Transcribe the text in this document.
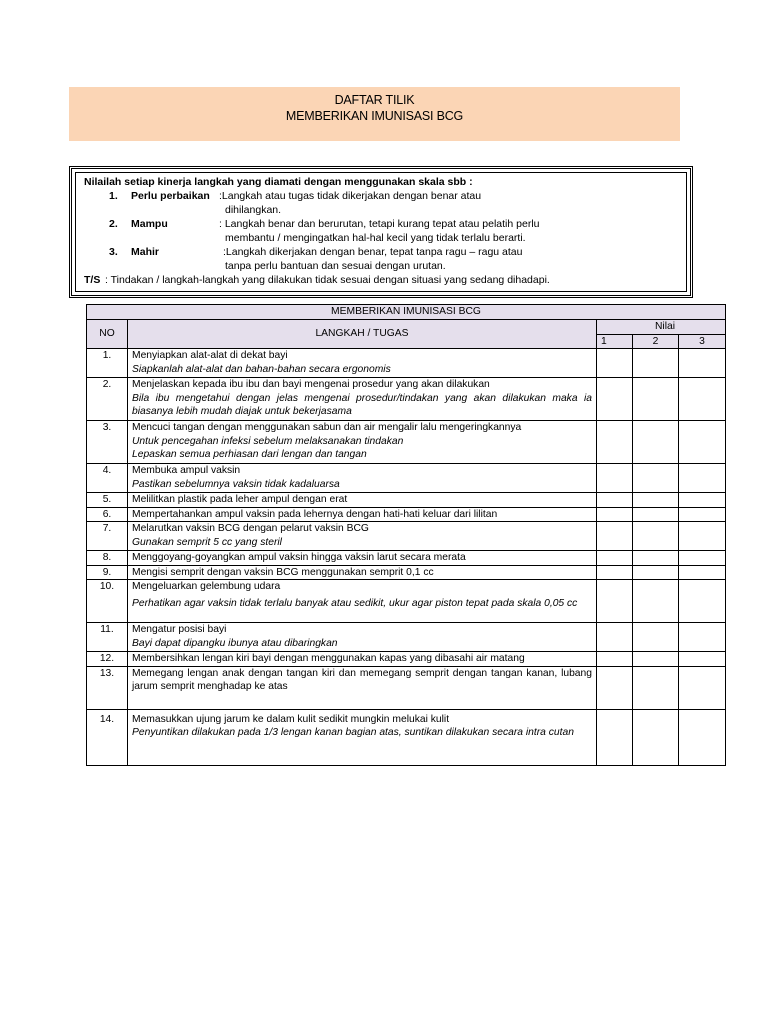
DAFTAR TILIK
MEMBERIKAN IMUNISASI BCG
Nilailah setiap kinerja langkah yang diamati dengan menggunakan skala sbb :
1. Perlu perbaikan :Langkah atau tugas tidak dikerjakan dengan benar atau
dihilangkan.
2. Mampu	: Langkah benar dan berurutan, tetapi kurang tepat atau pelatih perlu
membantu / mengingatkan hal-hal kecil yang tidak terlalu berarti.
3. Mahir	:Langkah dikerjakan dengan benar, tepat tanpa ragu – ragu atau
tanpa perlu bantuan dan sesuai dengan urutan.
T/S : Tindakan / langkah-langkah yang dilakukan tidak sesuai dengan situasi yang sedang dihadapi.
MEMBERIKAN IMUNISASI BCG				
NO	LANGKAH / TUGAS	Nilai		
		1	2	3
1.	Menyiapkan alat-alat di dekat bayi
Siapkanlah alat-alat dan bahan-bahan secara ergonomis			

2.	Menjelaskan kepada ibu ibu dan bayi mengenai prosedur yang akan dilakukan
Bila ibu mengetahui dengan jelas mengenai prosedur/tindakan yang akan dilakukan maka ia biasanya lebih mudah diajak untuk bekerjasama			

3.	Mencuci tangan dengan menggunakan sabun dan air mengalir lalu mengeringkannya
Untuk pencegahan infeksi sebelum melaksanakan tindakan
Lepaskan semua perhiasan dari lengan dan tangan			

4.	Membuka ampul vaksin
Pastikan sebelumnya vaksin tidak kadaluarsa			

5.	Melilitkan plastik pada leher ampul dengan erat			

6.	Mempertahankan ampul vaksin pada lehernya dengan hati-hati keluar dari lilitan			

7.	Melarutkan vaksin BCG dengan pelarut vaksin BCG
Gunakan semprit 5 cc yang steril			

8.	Menggoyang-goyangkan ampul vaksin hingga vaksin larut secara merata			

9.	Mengisi semprit dengan vaksin BCG menggunakan semprit 0,1 cc			

10.	Mengeluarkan gelembung udara
Perhatikan agar vaksin tidak terlalu banyak atau sedikit, ukur agar piston tepat pada skala 0,05 cc			

11.	Mengatur posisi bayi
Bayi dapat dipangku ibunya atau dibaringkan			

12.	Membersihkan lengan kiri bayi dengan menggunakan kapas yang dibasahi air matang			

13.	Memegang lengan anak dengan tangan kiri dan memegang semprit dengan tangan kanan, lubang jarum semprit menghadap ke atas			

14.	Memasukkan ujung jarum ke dalam kulit sedikit mungkin melukai kulit
Penyuntikan dilakukan pada 1/3 lengan kanan bagian atas, suntikan dilakukan secara intra cutan			
